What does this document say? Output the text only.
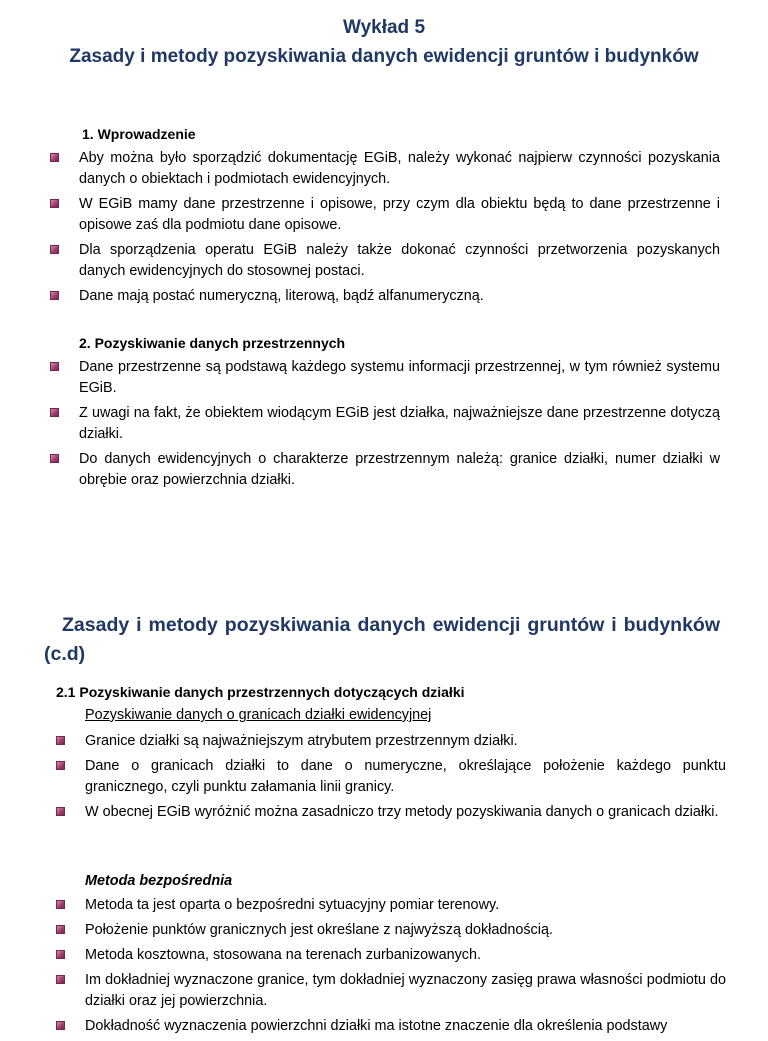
Wykład 5
Zasady i metody pozyskiwania danych ewidencji gruntów i budynków
1. Wprowadzenie
Aby można było sporządzić dokumentację EGiB, należy wykonać najpierw czynności pozyskania danych o obiektach i podmiotach ewidencyjnych.
W EGiB mamy dane przestrzenne i opisowe, przy czym dla obiektu będą to dane przestrzenne i opisowe zaś dla podmiotu dane opisowe.
Dla sporządzenia operatu EGiB należy także dokonać czynności przetworzenia pozyskanych danych ewidencyjnych do stosownej postaci.
Dane mają postać numeryczną, literową, bądź alfanumeryczną.
2. Pozyskiwanie danych przestrzennych
Dane przestrzenne są podstawą każdego systemu informacji przestrzennej, w tym również systemu EGiB.
Z uwagi na fakt, że obiektem wiodącym EGiB jest działka, najważniejsze dane przestrzenne dotyczą działki.
Do danych ewidencyjnych o charakterze przestrzennym należą: granice działki, numer działki w obrębie oraz powierzchnia działki.
Zasady i metody pozyskiwania danych ewidencji gruntów i budynków (c.d)
2.1 Pozyskiwanie danych przestrzennych dotyczących działki
Pozyskiwanie danych o granicach działki ewidencyjnej
Granice działki są najważniejszym atrybutem przestrzennym działki.
Dane o granicach działki to dane o numeryczne, określające położenie każdego punktu granicznego, czyli punktu załamania linii granicy.
W obecnej EGiB wyróżnić można zasadniczo trzy metody pozyskiwania danych o granicach działki.
Metoda bezpośrednia
Metoda ta jest oparta o bezpośredni sytuacyjny pomiar terenowy.
Położenie punktów granicznych jest określane z najwyższą dokładnością.
Metoda kosztowna, stosowana na terenach zurbanizowanych.
Im dokładniej wyznaczone granice, tym dokładniej wyznaczony zasięg prawa własności podmiotu do działki oraz jej powierzchnia.
Dokładność wyznaczenia powierzchni działki ma istotne znaczenie dla określenia podstawy
